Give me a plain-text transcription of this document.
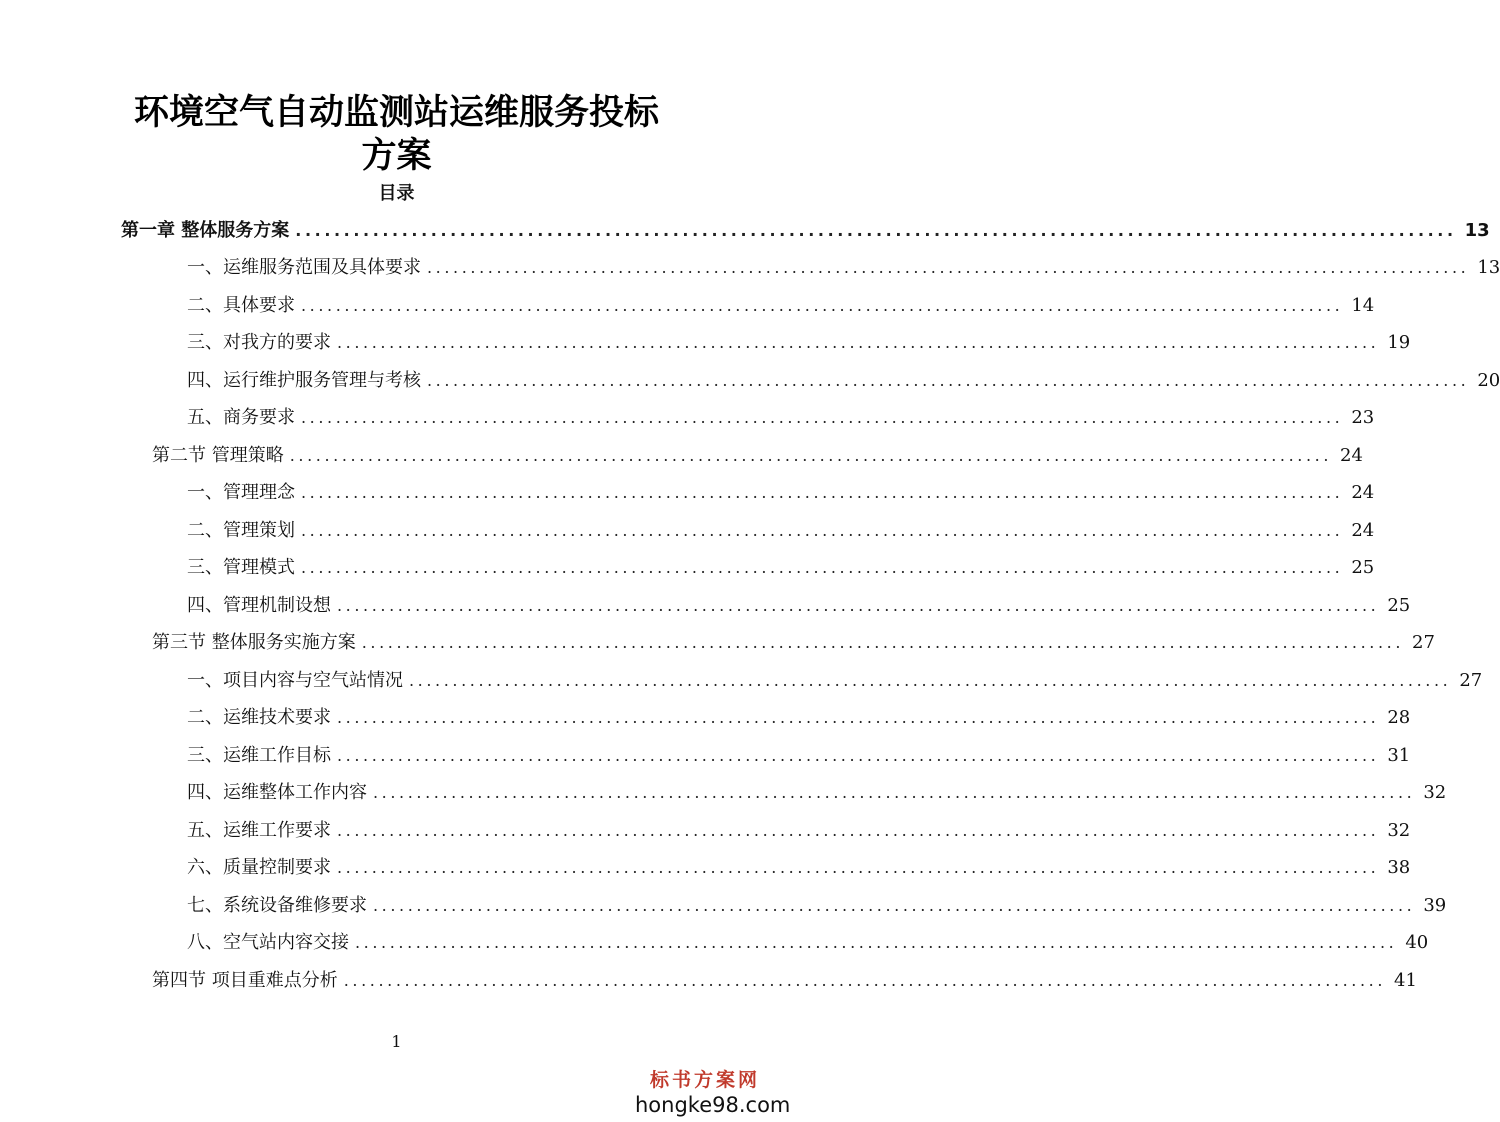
环境空气自动监测站运维服务投标
方案
目录
第一章 整体服务方案 ........................................................................................................................ 13
一、运维服务范围及具体要求 ........................................................................................................................ 13
二、具体要求 ........................................................................................................................ 14
三、对我方的要求 ........................................................................................................................ 19
四、运行维护服务管理与考核 ........................................................................................................................ 20
五、商务要求 ........................................................................................................................ 23
第二节 管理策略 ........................................................................................................................ 24
一、管理理念 ........................................................................................................................ 24
二、管理策划 ........................................................................................................................ 24
三、管理模式 ........................................................................................................................ 25
四、管理机制设想 ........................................................................................................................ 25
第三节 整体服务实施方案 ........................................................................................................................ 27
一、项目内容与空气站情况 ........................................................................................................................ 27
二、运维技术要求 ........................................................................................................................ 28
三、运维工作目标 ........................................................................................................................ 31
四、运维整体工作内容 ........................................................................................................................ 32
五、运维工作要求 ........................................................................................................................ 32
六、质量控制要求 ........................................................................................................................ 38
七、系统设备维修要求 ........................................................................................................................ 39
八、空气站内容交接 ........................................................................................................................ 40
第四节 项目重难点分析 ........................................................................................................................ 41
1
标书方案网
hongke98.com
